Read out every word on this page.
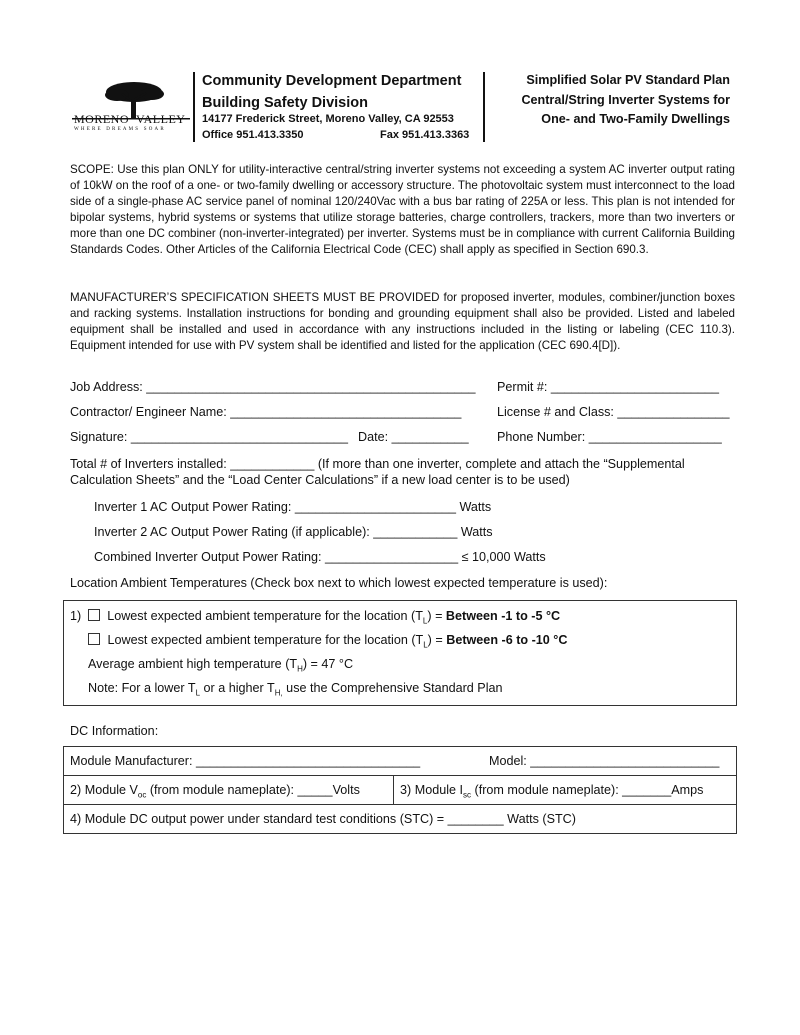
MORENO VALLEY
WHERE DREAMS SOAR
Community Development Department
Building Safety Division
14177 Frederick Street, Moreno Valley, CA 92553
Office 951.413.3350	Fax 951.413.3363
Simplified Solar PV Standard Plan
Central/String Inverter Systems for
One- and Two-Family Dwellings
SCOPE: Use this plan ONLY for utility-interactive central/string inverter systems not exceeding a system AC inverter output rating of 10kW on the roof of a one- or two-family dwelling or accessory structure. The photovoltaic system must interconnect to the load side of a single-phase AC service panel of nominal 120/240Vac with a bus bar rating of 225A or less. This plan is not intended for bipolar systems, hybrid systems or systems that utilize storage batteries, charge controllers, trackers, more than two inverters or more than one DC combiner (non-inverter-integrated) per inverter. Systems must be in compliance with current California Building Standards Codes. Other Articles of the California Electrical Code (CEC) shall apply as specified in Section 690.3.
MANUFACTURER’S SPECIFICATION SHEETS MUST BE PROVIDED for proposed inverter, modules, combiner/junction boxes and racking systems. Installation instructions for bonding and grounding equipment shall also be provided. Listed and labeled equipment shall be installed and used in accordance with any instructions included in the listing or labeling (CEC 110.3). Equipment intended for use with PV system shall be identified and listed for the application (CEC 690.4[D]).
Job Address: _______________________________________________ Permit #: ________________________
Contractor/ Engineer Name: _________________________________	License # and Class: ________________
Signature: _______________________________ Date: ___________ Phone Number: ___________________
Total # of Inverters installed: ____________ (If more than one inverter, complete and attach the “Supplemental Calculation Sheets” and the “Load Center Calculations” if a new load center is to be used)
Inverter 1 AC Output Power Rating: _______________________ Watts
Inverter 2 AC Output Power Rating (if applicable): ____________ Watts
Combined Inverter Output Power Rating: ___________________ ≤ 10,000 Watts
Location Ambient Temperatures (Check box next to which lowest expected temperature is used):
1) Lowest expected ambient temperature for the location $(T_L)$ = Between -1 to -5 °C
Lowest expected ambient temperature for the location $(T_L)$ = Between -6 to -10 °C
Average ambient high temperature $(T_H) = 47$ °C
Note: For a lower $T_L$ or a higher $T_{H,}$ use the Comprehensive Standard Plan
DC Information:
Module Manufacturer: ________________________________	Model: ___________________________
2) Module $V_{oc}$ (from module nameplate): _____Volts	3) Module $I_{sc}$ (from module nameplate): _______Amps
4) Module DC output power under standard test conditions (STC) = ________ Watts (STC)
